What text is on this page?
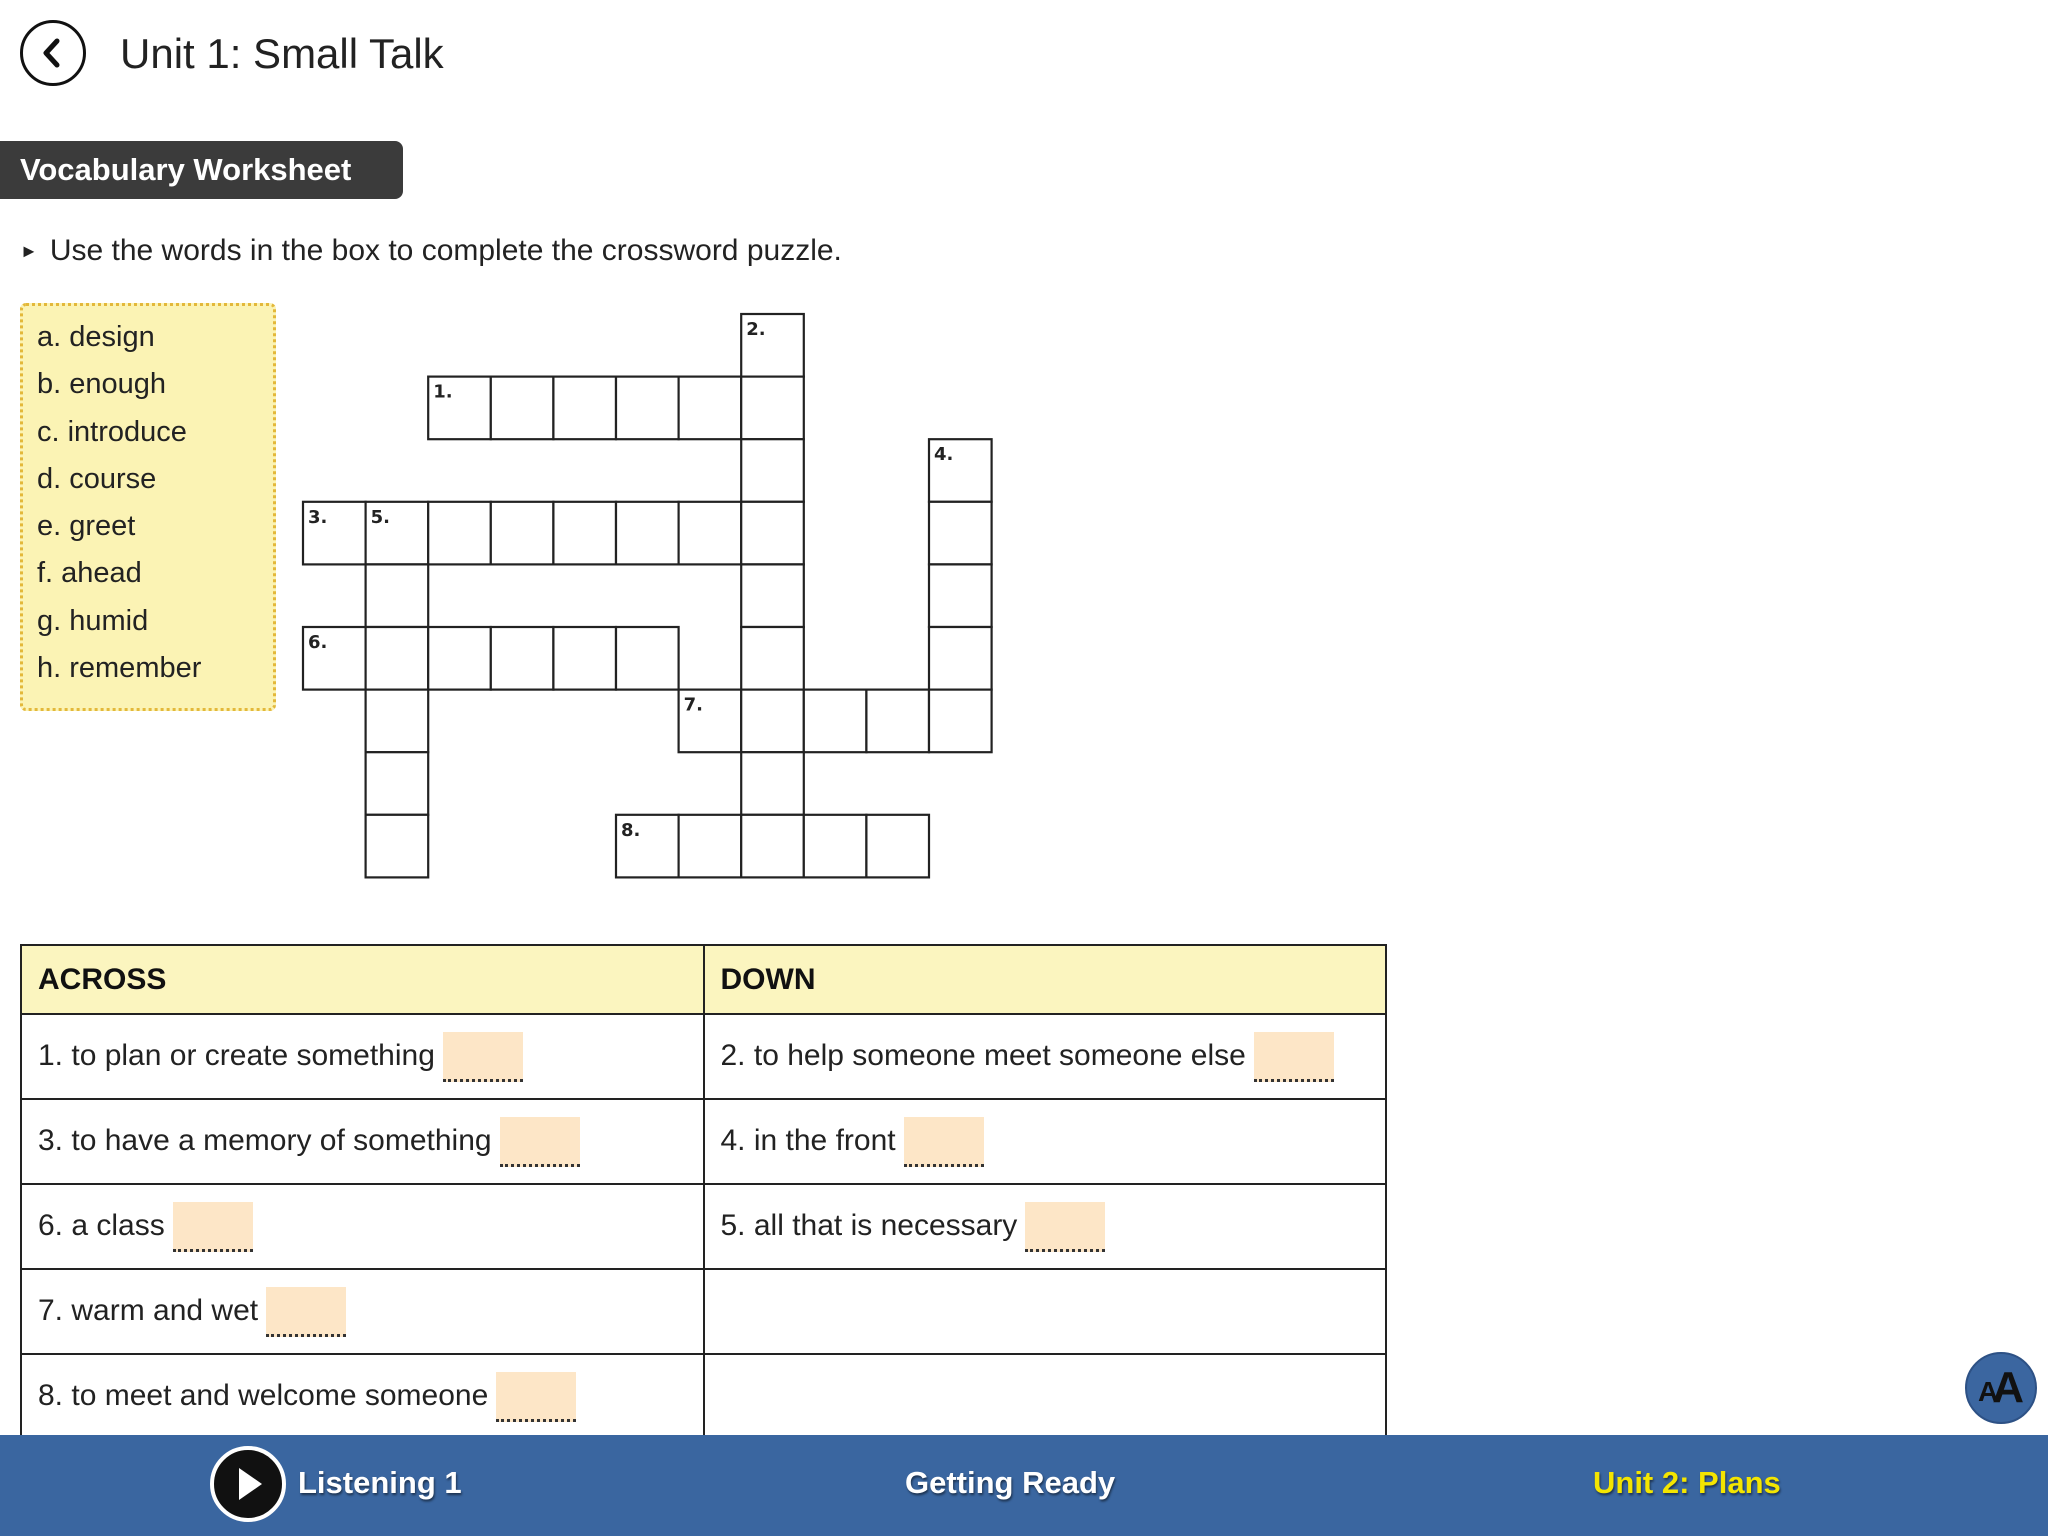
Unit 1: Small Talk
Vocabulary Worksheet
► Use the words in the box to complete the crossword puzzle.
a. design
b. enough
c. introduce
d. course
e. greet
f. ahead
g. humid
h. remember
1.
2.
3.
4.
5.
6.
7.
8.
ACROSS	DOWN
1. to plan or create something	2. to help someone meet someone else
3. to have a memory of something	4. in the front
6. a class	5. all that is necessary
7. warm and wet	
8. to meet and welcome someone		A
A
Listening 1	Getting Ready	Unit 2: Plans
